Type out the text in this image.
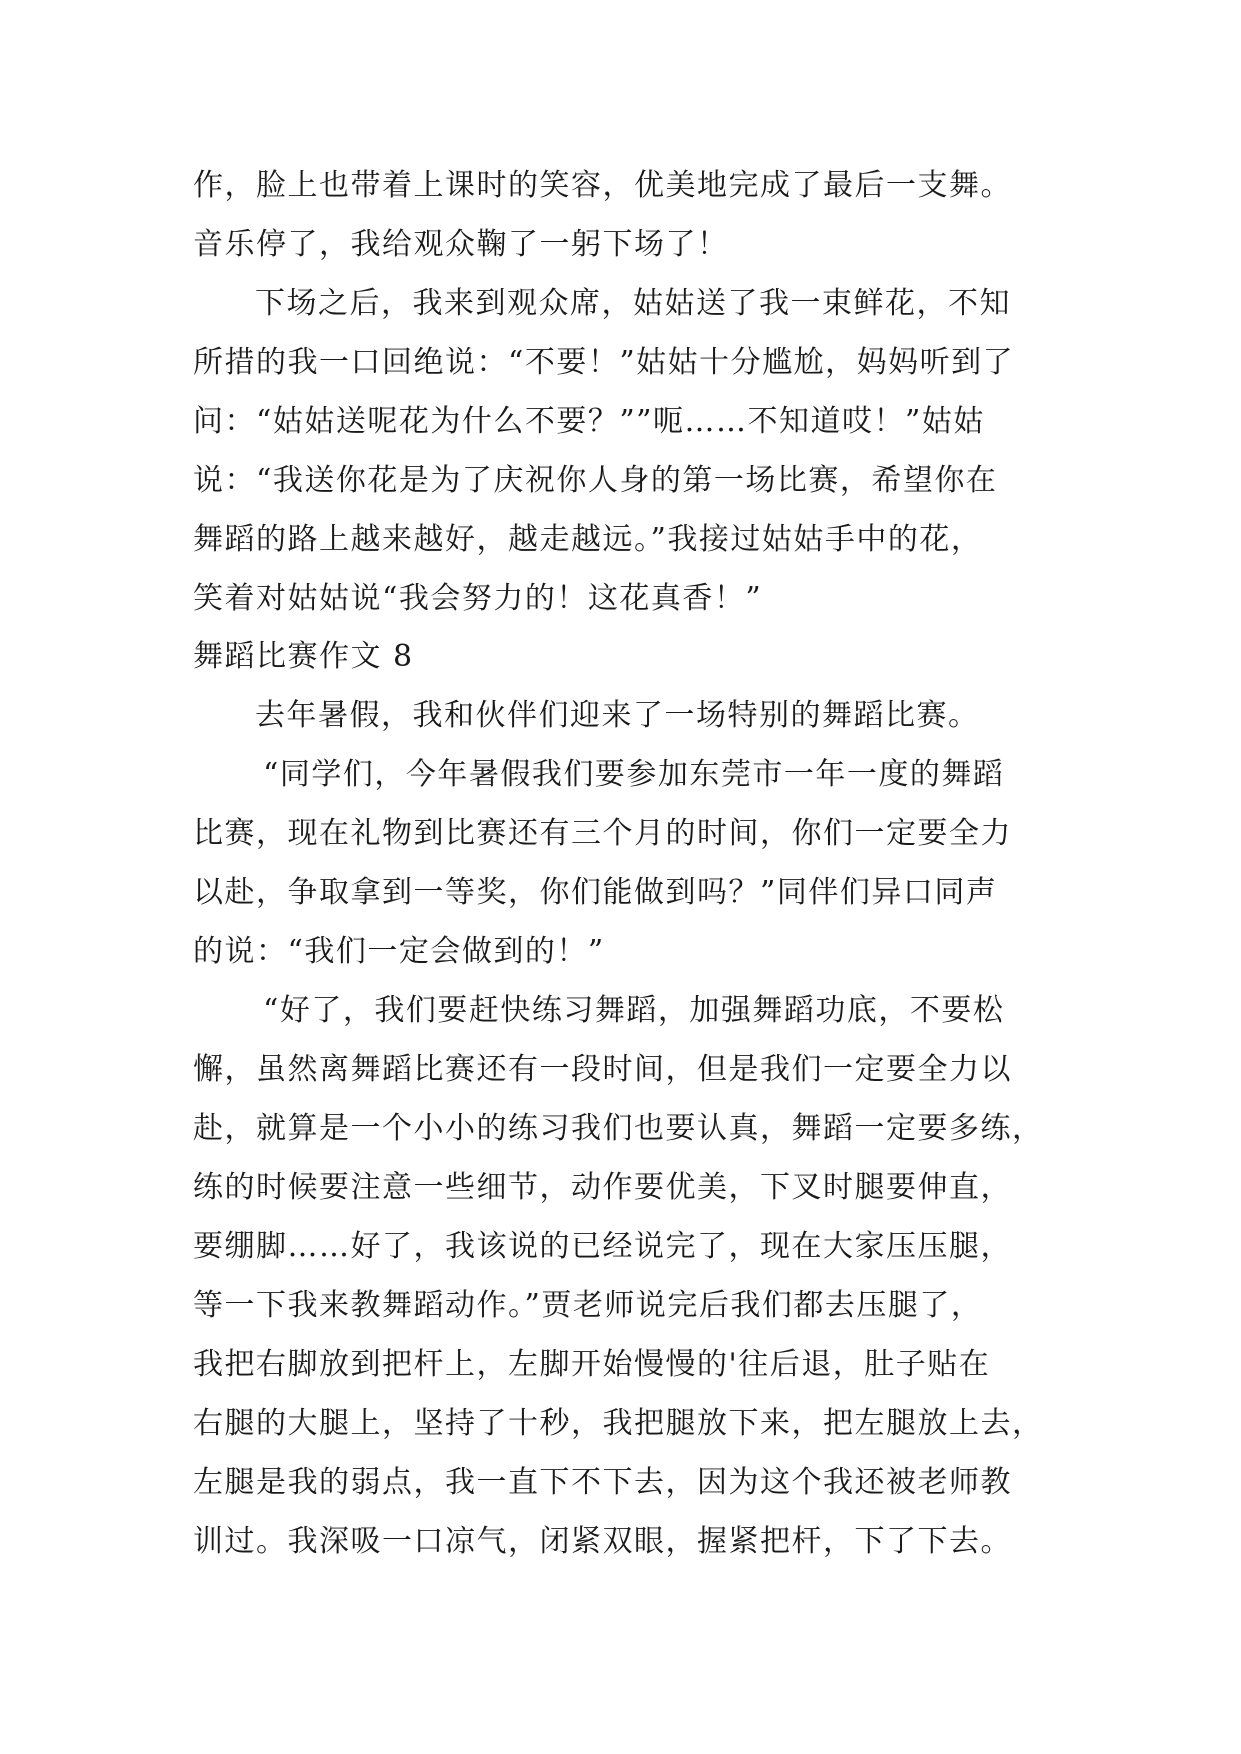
作，脸上也带着上课时的笑容，优美地完成了最后一支舞。
音乐停了，我给观众鞠了一躬下场了！
下场之后，我来到观众席，姑姑送了我一束鲜花，不知
所措的我一口回绝说：“不要！”姑姑十分尴尬，妈妈听到了
问：“姑姑送呢花为什么不要？””呃……不知道哎！”姑姑
说：“我送你花是为了庆祝你人身的第一场比赛，希望你在
舞蹈的路上越来越好，越走越远。”我接过姑姑手中的花，
笑着对姑姑说“我会努力的！这花真香！”
舞蹈比赛作文 8
去年暑假，我和伙伴们迎来了一场特别的舞蹈比赛。
“同学们，今年暑假我们要参加东莞市一年一度的舞蹈
比赛，现在礼物到比赛还有三个月的时间，你们一定要全力
以赴，争取拿到一等奖，你们能做到吗？”同伴们异口同声
的说：“我们一定会做到的！”
“好了，我们要赶快练习舞蹈，加强舞蹈功底，不要松
懈，虽然离舞蹈比赛还有一段时间，但是我们一定要全力以
赴，就算是一个小小的练习我们也要认真，舞蹈一定要多练，
练的时候要注意一些细节，动作要优美，下叉时腿要伸直，
要绷脚……好了，我该说的已经说完了，现在大家压压腿，
等一下我来教舞蹈动作。”贾老师说完后我们都去压腿了，
我把右脚放到把杆上，左脚开始慢慢的'往后退，肚子贴在
右腿的大腿上，坚持了十秒，我把腿放下来，把左腿放上去，
左腿是我的弱点，我一直下不下去，因为这个我还被老师教
训过。我深吸一口凉气，闭紧双眼，握紧把杆，下了下去。
